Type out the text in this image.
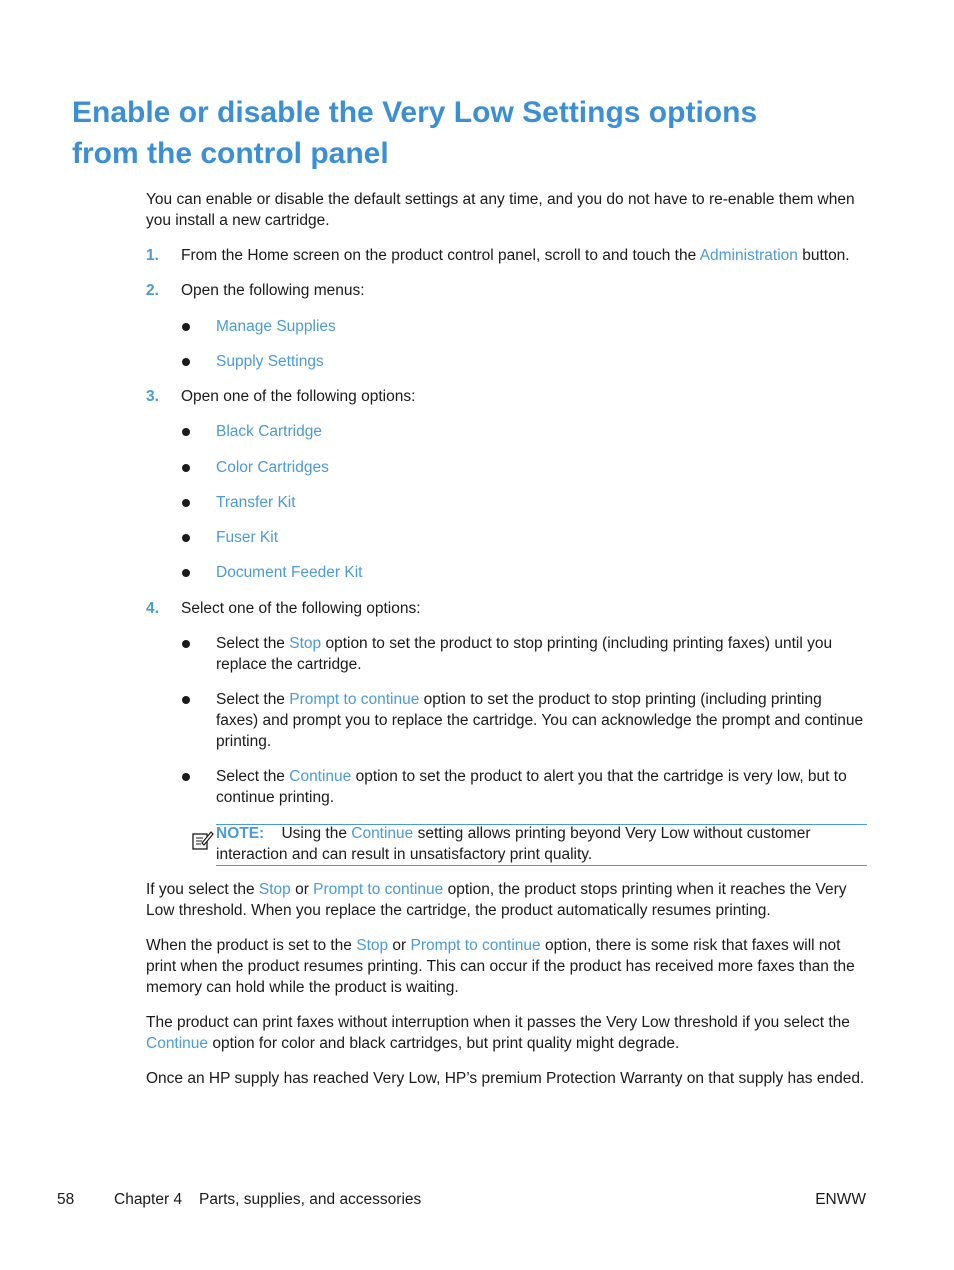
Enable or disable the Very Low Settings options
from the control panel

You can enable or disable the default settings at any time, and you do not have to re-enable them when you install a new cartridge.

1. From the Home screen on the product control panel, scroll to and touch the Administration button.
2. Open the following menus:
Manage Supplies
Supply Settings
3. Open one of the following options:
Black Cartridge
Color Cartridges
Transfer Kit
Fuser Kit
Document Feeder Kit
4. Select one of the following options:
Select the Stop option to set the product to stop printing (including printing faxes) until you replace the cartridge.
Select the Prompt to continue option to set the product to stop printing (including printing faxes) and prompt you to replace the cartridge. You can acknowledge the prompt and continue printing.
Select the Continue option to set the product to alert you that the cartridge is very low, but to continue printing.
NOTE: Using the Continue setting allows printing beyond Very Low without customer interaction and can result in unsatisfactory print quality.

If you select the Stop or Prompt to continue option, the product stops printing when it reaches the Very Low threshold. When you replace the cartridge, the product automatically resumes printing.

When the product is set to the Stop or Prompt to continue option, there is some risk that faxes will not print when the product resumes printing. This can occur if the product has received more faxes than the memory can hold while the product is waiting.

The product can print faxes without interruption when it passes the Very Low threshold if you select the Continue option for color and black cartridges, but print quality might degrade.

Once an HP supply has reached Very Low, HP’s premium Protection Warranty on that supply has ended.

58	Chapter 4 Parts, supplies, and accessories	ENWW
